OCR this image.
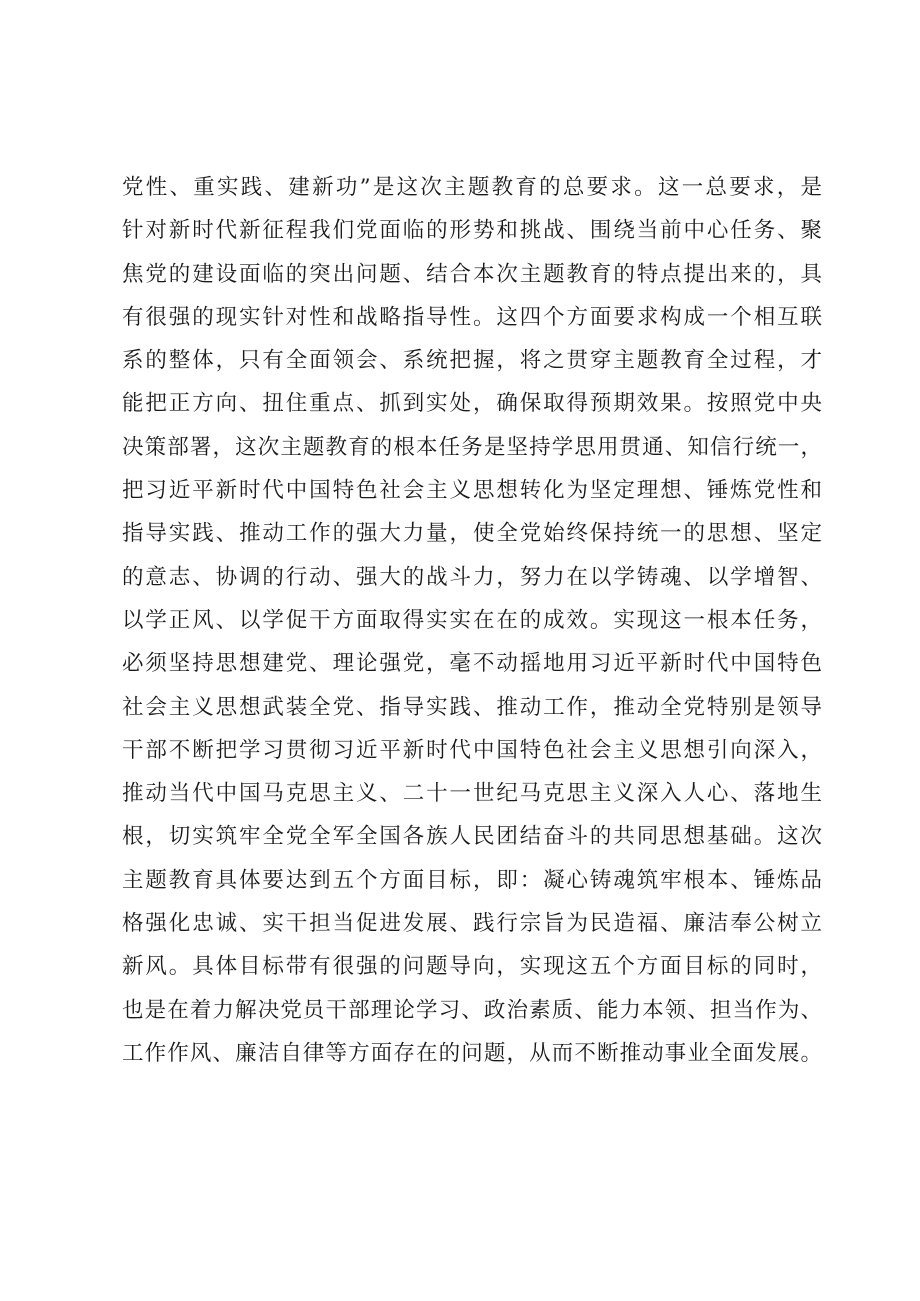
党性、重实践、建新功”是这次主题教育的总要求。这一总要求，是
针对新时代新征程我们党面临的形势和挑战、围绕当前中心任务、聚
焦党的建设面临的突出问题、结合本次主题教育的特点提出来的，具
有很强的现实针对性和战略指导性。这四个方面要求构成一个相互联
系的整体，只有全面领会、系统把握，将之贯穿主题教育全过程，才
能把正方向、扭住重点、抓到实处，确保取得预期效果。按照党中央
决策部署，这次主题教育的根本任务是坚持学思用贯通、知信行统一，
把习近平新时代中国特色社会主义思想转化为坚定理想、锤炼党性和
指导实践、推动工作的强大力量，使全党始终保持统一的思想、坚定
的意志、协调的行动、强大的战斗力，努力在以学铸魂、以学增智、
以学正风、以学促干方面取得实实在在的成效。实现这一根本任务，
必须坚持思想建党、理论强党，毫不动摇地用习近平新时代中国特色
社会主义思想武装全党、指导实践、推动工作，推动全党特别是领导
干部不断把学习贯彻习近平新时代中国特色社会主义思想引向深入，
推动当代中国马克思主义、二十一世纪马克思主义深入人心、落地生
根，切实筑牢全党全军全国各族人民团结奋斗的共同思想基础。这次
主题教育具体要达到五个方面目标，即：凝心铸魂筑牢根本、锤炼品
格强化忠诚、实干担当促进发展、践行宗旨为民造福、廉洁奉公树立
新风。具体目标带有很强的问题导向，实现这五个方面目标的同时，
也是在着力解决党员干部理论学习、政治素质、能力本领、担当作为、
工作作风、廉洁自律等方面存在的问题，从而不断推动事业全面发展。
